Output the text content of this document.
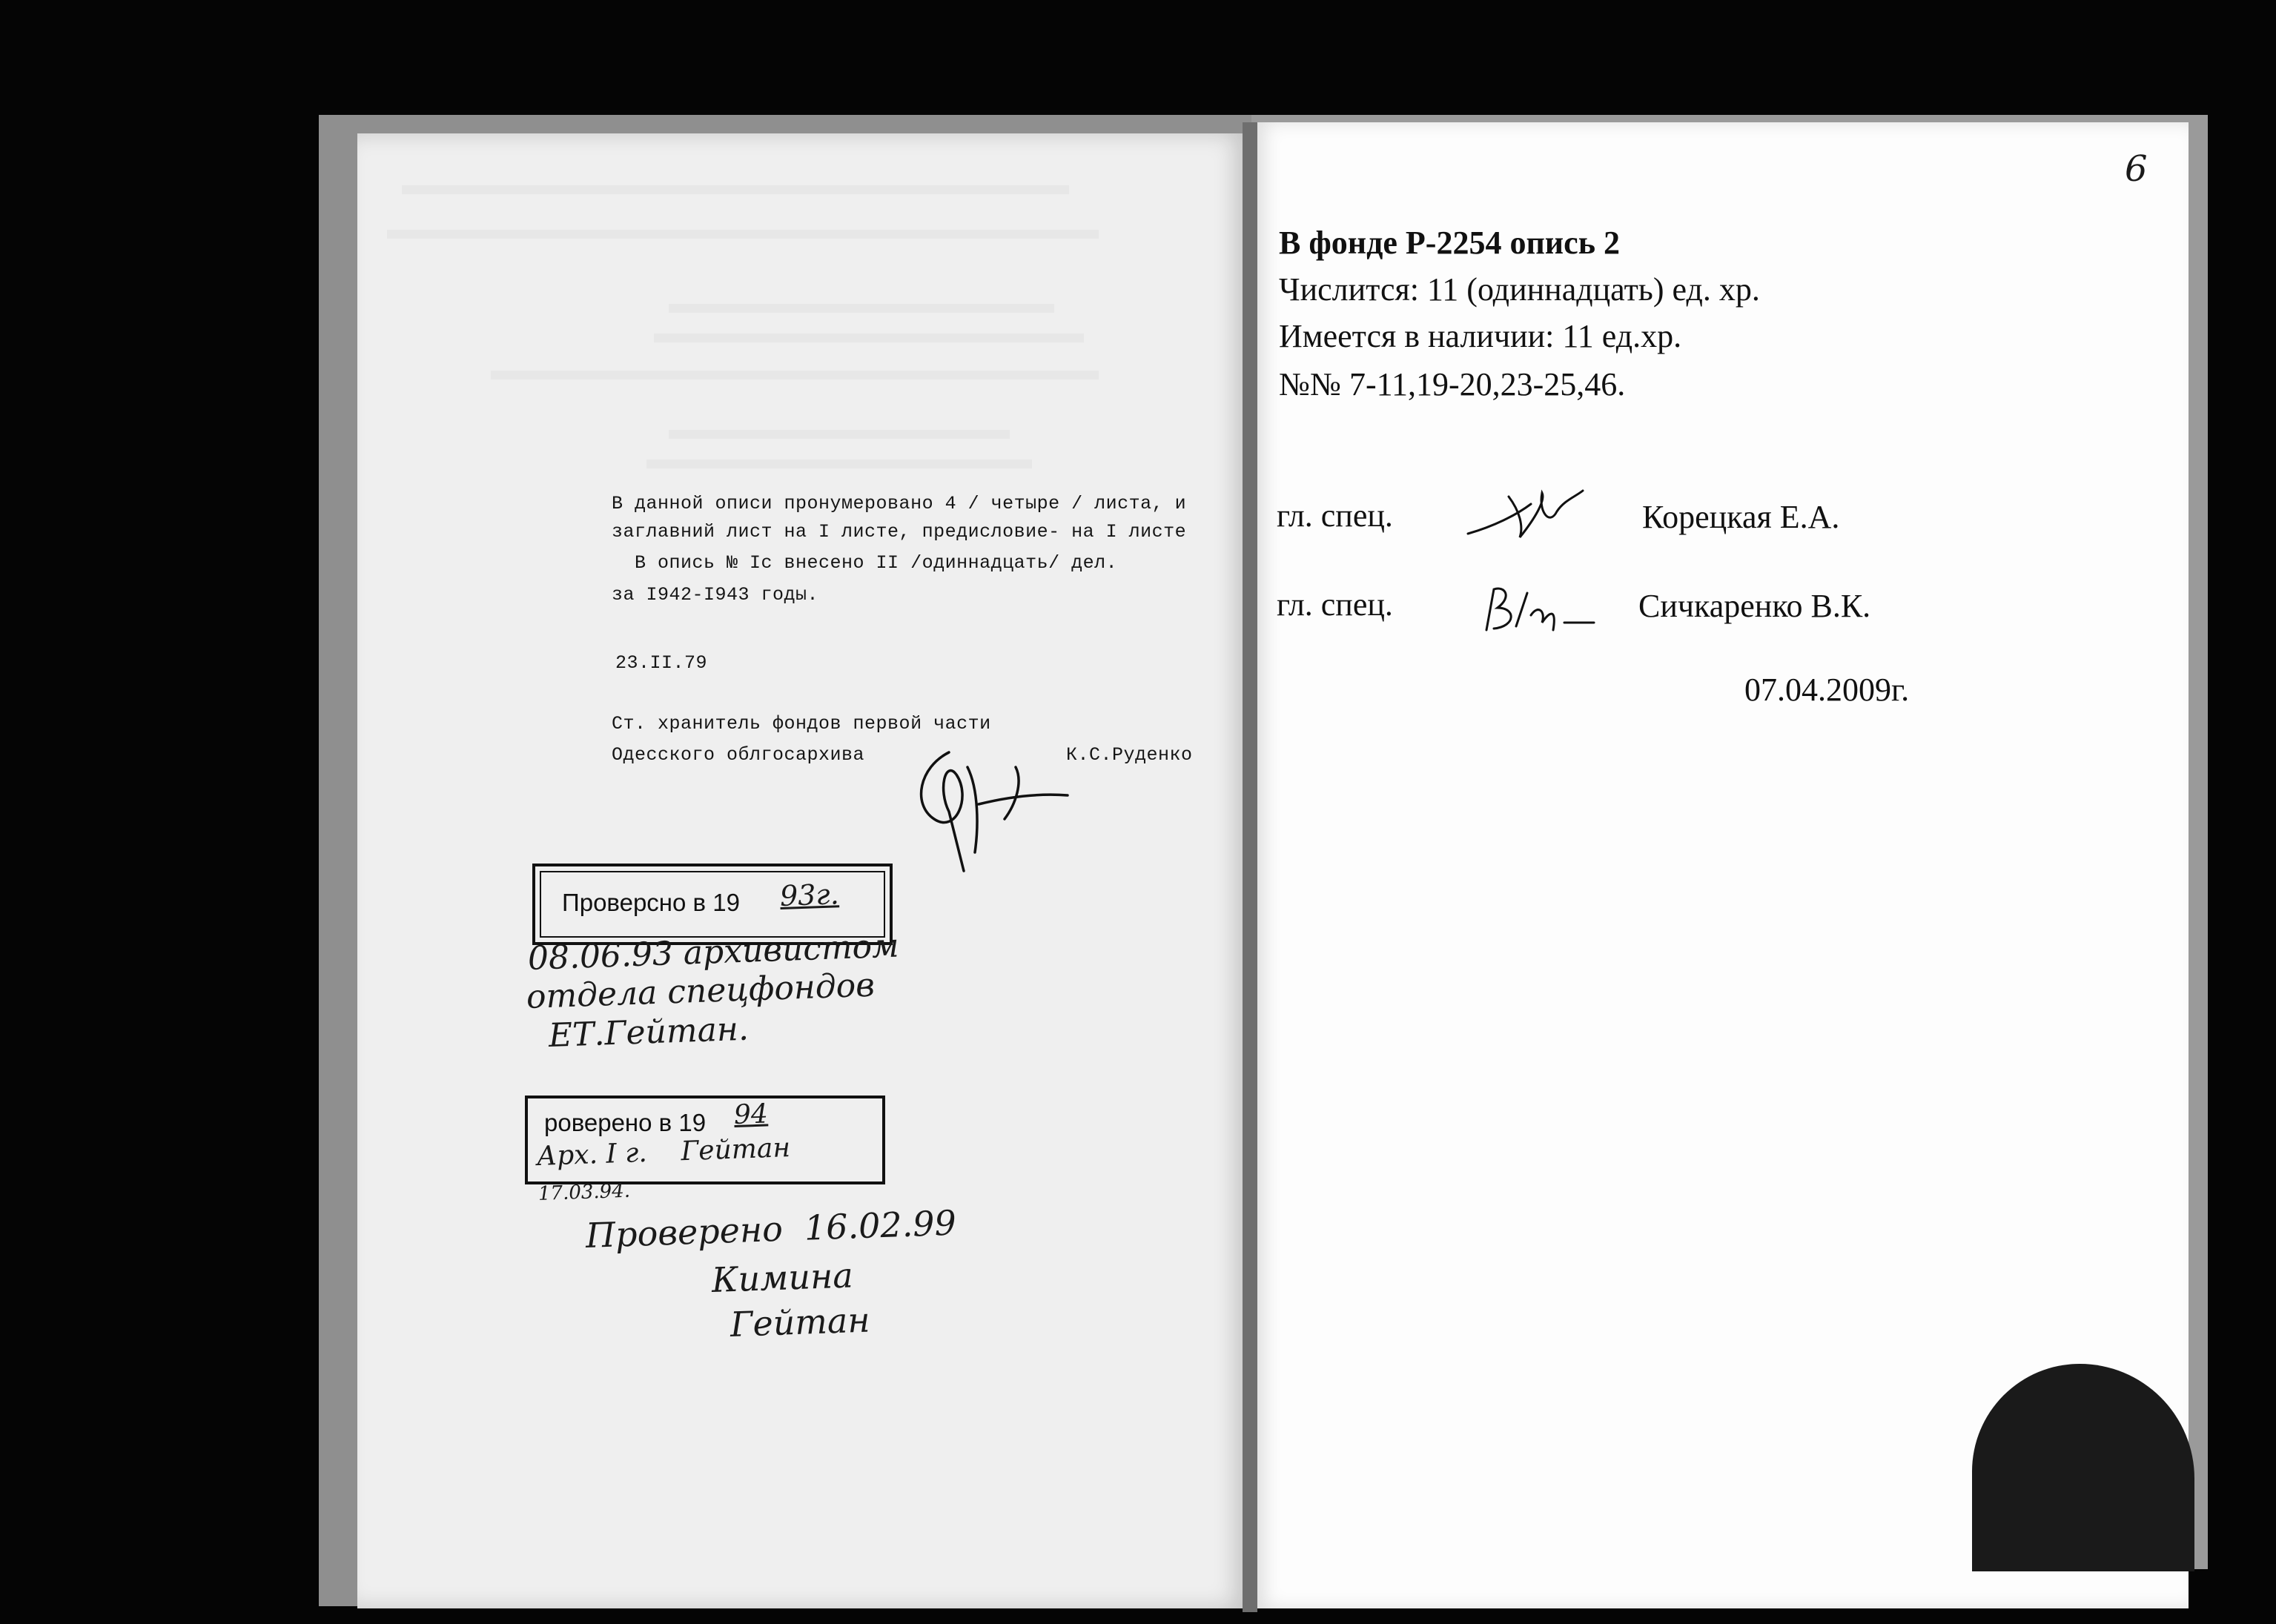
В данной описи пронумеровано 4 / четыре / листа, и
заглавний лист на I листе, предисловие- на I листе
В опись № Iс внесено II /одиннадцать/ дел.
за I942-I943 годы.
23.II.79
Ст. хранитель фондов первой части
Одесского облгосархива	К.С.Руденко
Проверсно в 19 93г.
08.06.93 архивистом
отдела спецфондов
ЕТ.Гейтан.
роверено в 19 94
Арх. I г.    Гейтан
17.03.94.
Проверено  16.02.99
Кимина
Гейтан
6
В фонде Р-2254 опись 2
Числится: 11 (одиннадцать) ед. хр.
Имеется в наличии: 11 ед.хр.
№№ 7-11,19-20,23-25,46.
гл. спец.	Корецкая Е.А.
гл. спец.	Сичкаренко В.К.
07.04.2009г.
